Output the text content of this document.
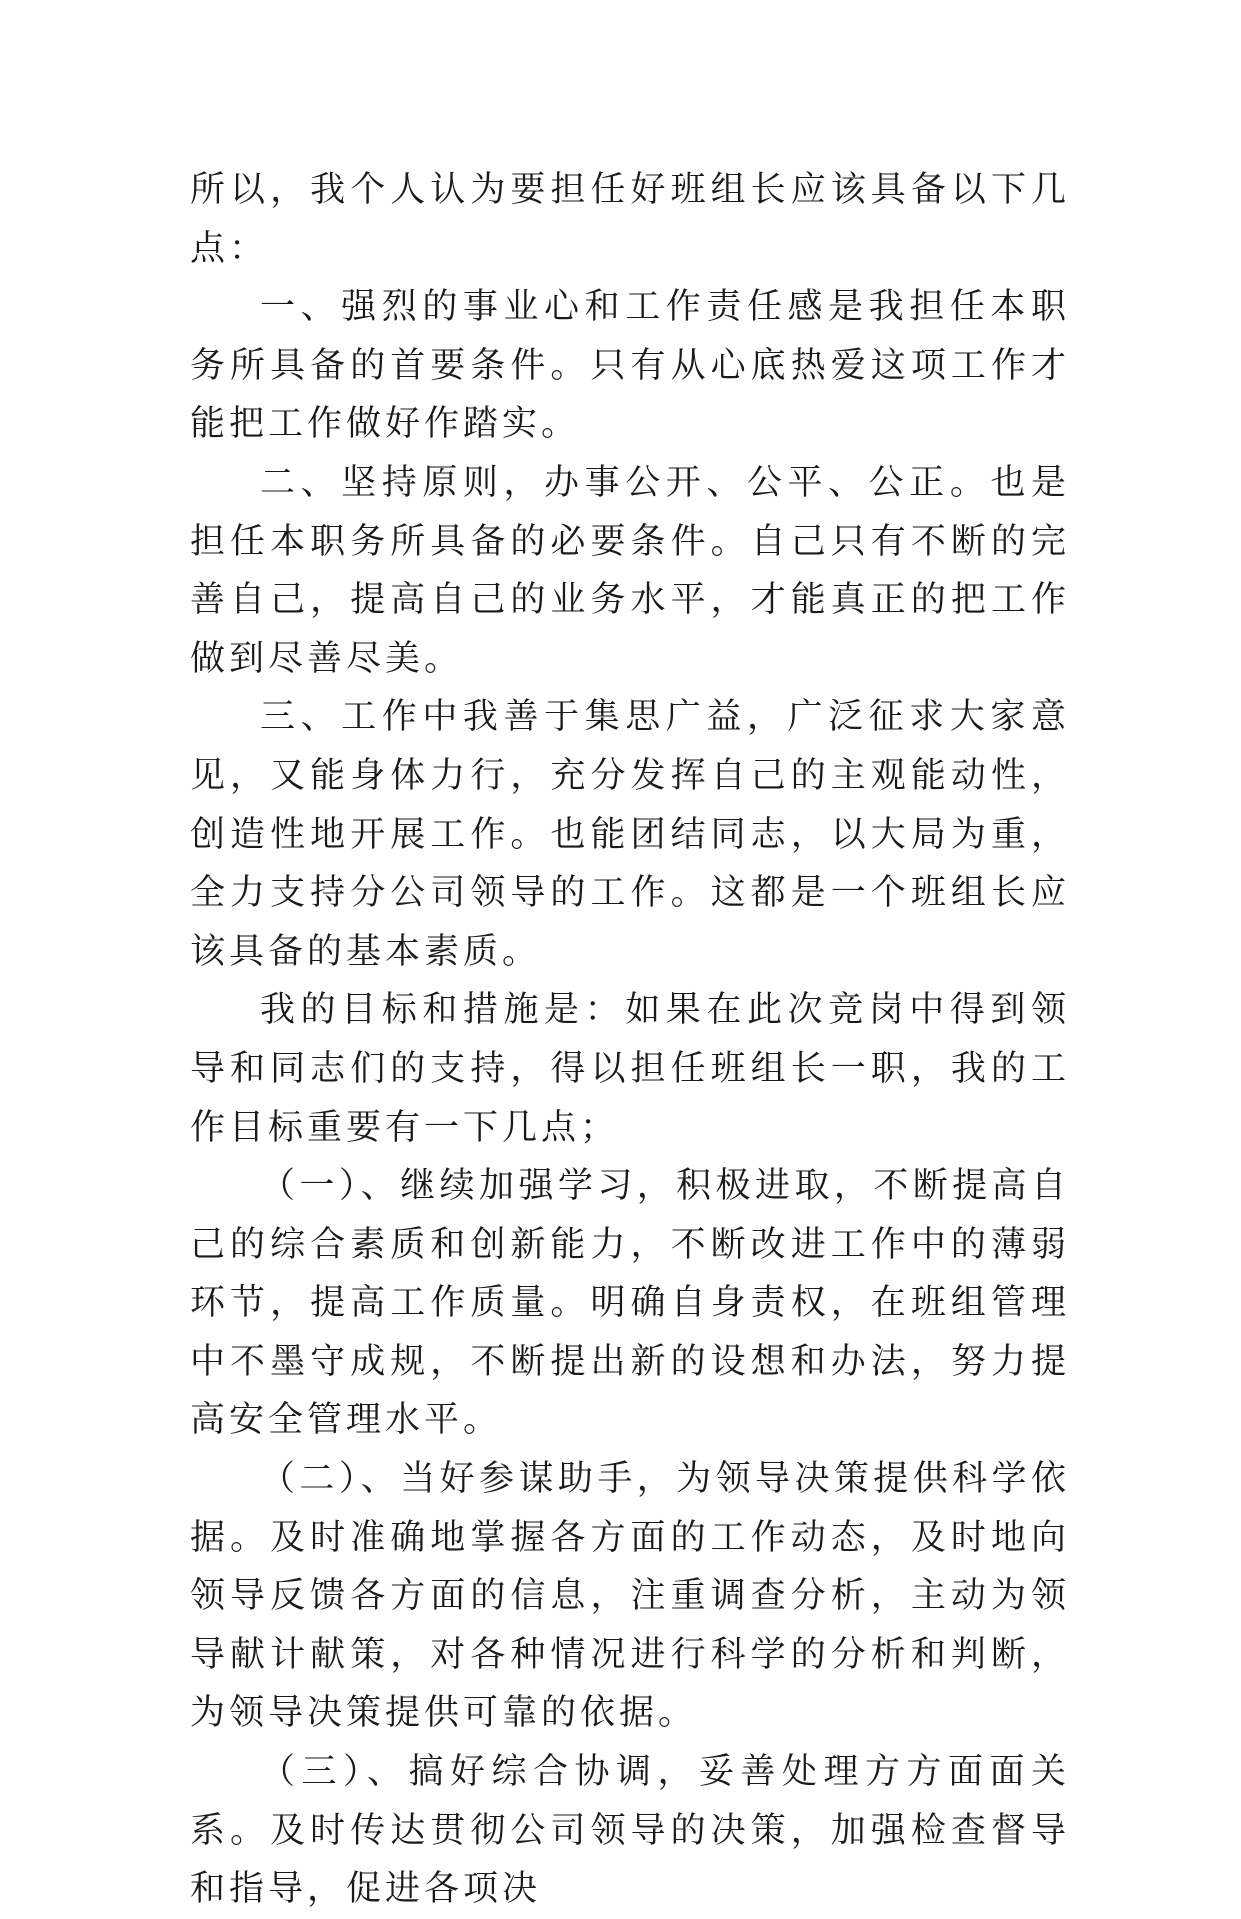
所以，我个人认为要担任好班组长应该具备以下几点：

一、强烈的事业心和工作责任感是我担任本职务所具备的首要条件。只有从心底热爱这项工作才能把工作做好作踏实。

二、坚持原则，办事公开、公平、公正。也是担任本职务所具备的必要条件。自己只有不断的完善自己，提高自己的业务水平，才能真正的把工作做到尽善尽美。

三、工作中我善于集思广益，广泛征求大家意见，又能身体力行，充分发挥自己的主观能动性，创造性地开展工作。也能团结同志，以大局为重，全力支持分公司领导的工作。这都是一个班组长应该具备的基本素质。

我的目标和措施是：如果在此次竞岗中得到领导和同志们的支持，得以担任班组长一职，我的工作目标重要有一下几点；

（一）、继续加强学习，积极进取，不断提高自己的综合素质和创新能力，不断改进工作中的薄弱环节，提高工作质量。明确自身责权，在班组管理中不墨守成规，不断提出新的设想和办法，努力提高安全管理水平。

（二）、当好参谋助手，为领导决策提供科学依据。及时准确地掌握各方面的工作动态，及时地向领导反馈各方面的信息，注重调查分析，主动为领导献计献策，对各种情况进行科学的分析和判断，为领导决策提供可靠的依据。

（三）、搞好综合协调，妥善处理方方面面关系。及时传达贯彻公司领导的决策，加强检查督导和指导，促进各项决
